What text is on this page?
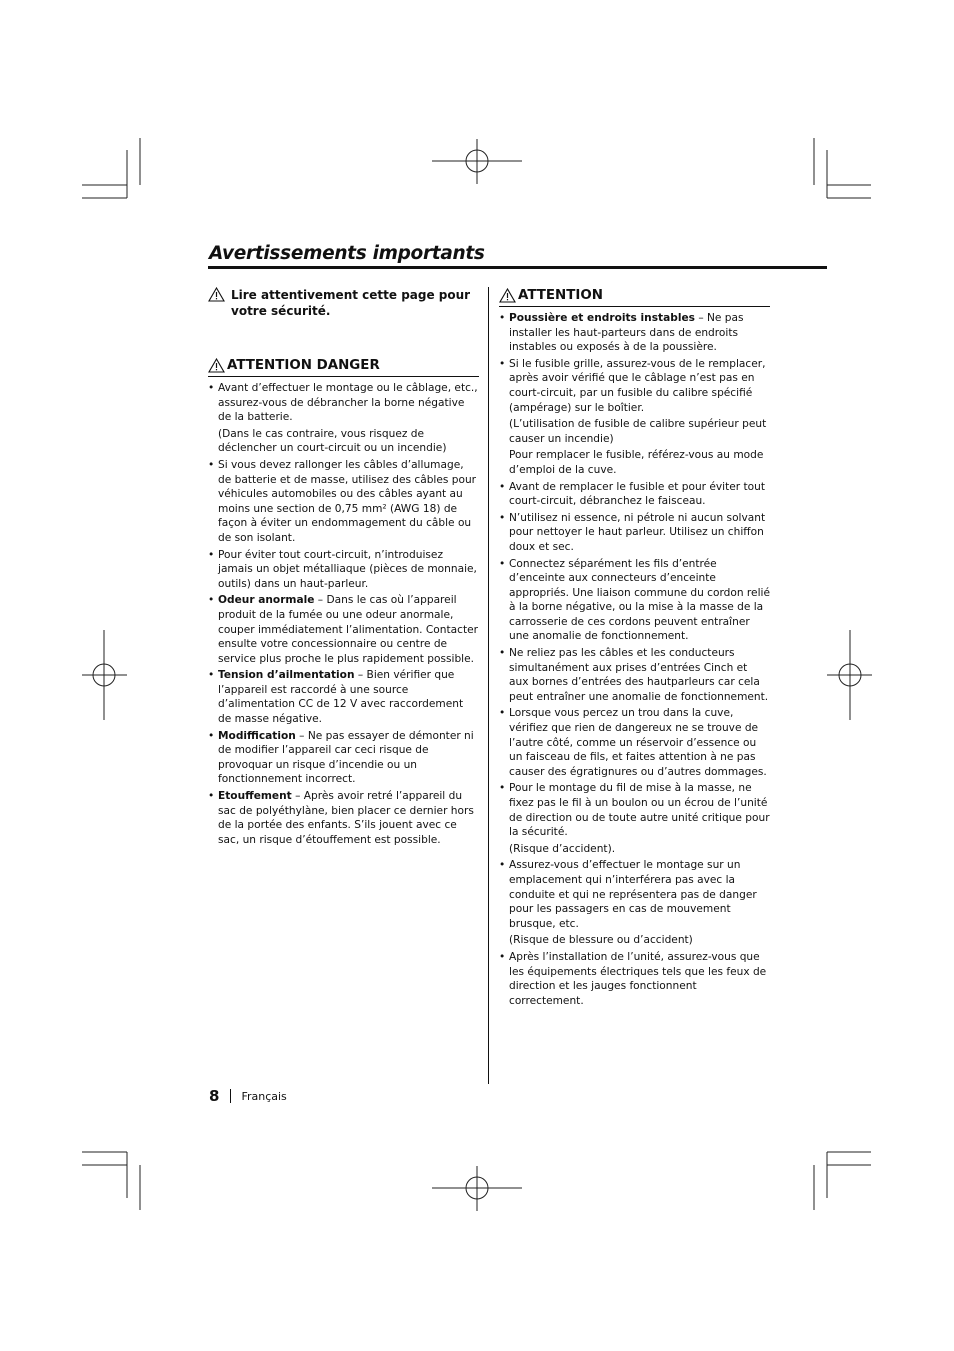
Avertissements importants
Lire attentivement cette page pour votre sécurité.
ATTENTION DANGER
• Avant d’effectuer le montage ou le câblage, etc., assurez-vous de débrancher la borne négative de la batterie.
(Dans le cas contraire, vous risquez de déclencher un court-circuit ou un incendie)
• Si vous devez rallonger les câbles d’allumage, de batterie et de masse, utilisez des câbles pour véhicules automobiles ou des câbles ayant au moins une section de 0,75 mm² (AWG 18) de façon à éviter un endommagement du câble ou de son isolant.
• Pour éviter tout court-circuit, n’introduisez jamais un objet métalliaque (pièces de monnaie, outils) dans un haut-parleur.
• Odeur anormale – Dans le cas où l’appareil produit de la fumée ou une odeur anormale, couper immédiatement l’alimentation. Contacter ensulte votre concessionnaire ou centre de service plus proche le plus rapidement possible.
• Tension d’ailmentation – Bien vérifier que l’appareil est raccordé à une source d’alimentation CC de 12 V avec raccordement de masse négative.
• Modiffication – Ne pas essayer de démonter ni de modifier l’appareil car ceci risque de provoquar un risque d’incendie ou un fonctionnement incorrect.
• Etouffement – Après avoir retré l’appareil du sac de polyéthylàne, bien placer ce dernier hors de la portée des enfants. S’ils jouent avec ce sac, un risque d’étouffement est possible.
ATTENTION
• Poussière et endroits instables – Ne pas installer les haut-parteurs dans de endroits instables ou exposés à de la poussière.
• Si le fusible grille, assurez-vous de le remplacer, après avoir vérifié que le câblage n’est pas en court-circuit, par un fusible du calibre spécifié (ampérage) sur le boîtier.
(L’utilisation de fusible de calibre supérieur peut causer un incendie)
Pour remplacer le fusible, référez-vous au mode d’emploi de la cuve.
• Avant de remplacer le fusible et pour éviter tout court-circuit, débranchez le faisceau.
• N’utilisez ni essence, ni pétrole ni aucun solvant pour nettoyer le haut parleur. Utilisez un chiffon doux et sec.
• Connectez séparément les fils d’entrée d’enceinte aux connecteurs d’enceinte appropriés. Une liaison commune du cordon relié à la borne négative, ou la mise à la masse de la carrosserie de ces cordons peuvent entraîner une anomalie de fonctionnement.
• Ne reliez pas les câbles et les conducteurs simultanément aux prises d’entrées Cinch et aux bornes d’entrées des hautparleurs car cela peut entraîner une anomalie de fonctionnement.
• Lorsque vous percez un trou dans la cuve, vérifiez que rien de dangereux ne se trouve de l’autre côté, comme un réservoir d’essence ou un faisceau de fils, et faites attention à ne pas causer des égratignures ou d’autres dommages.
• Pour le montage du fil de mise à la masse, ne fixez pas le fil à un boulon ou un écrou de l’unité de direction ou de toute autre unité critique pour la sécurité.
(Risque d’accident).
• Assurez-vous d’effectuer le montage sur un emplacement qui n’interférera pas avec la conduite et qui ne représentera pas de danger pour les passagers en cas de mouvement brusque, etc.
(Risque de blessure ou d’accident)
• Après l’installation de l’unité, assurez-vous que les équipements électriques tels que les feux de direction et les jauges fonctionnent correctement.
8 Français
